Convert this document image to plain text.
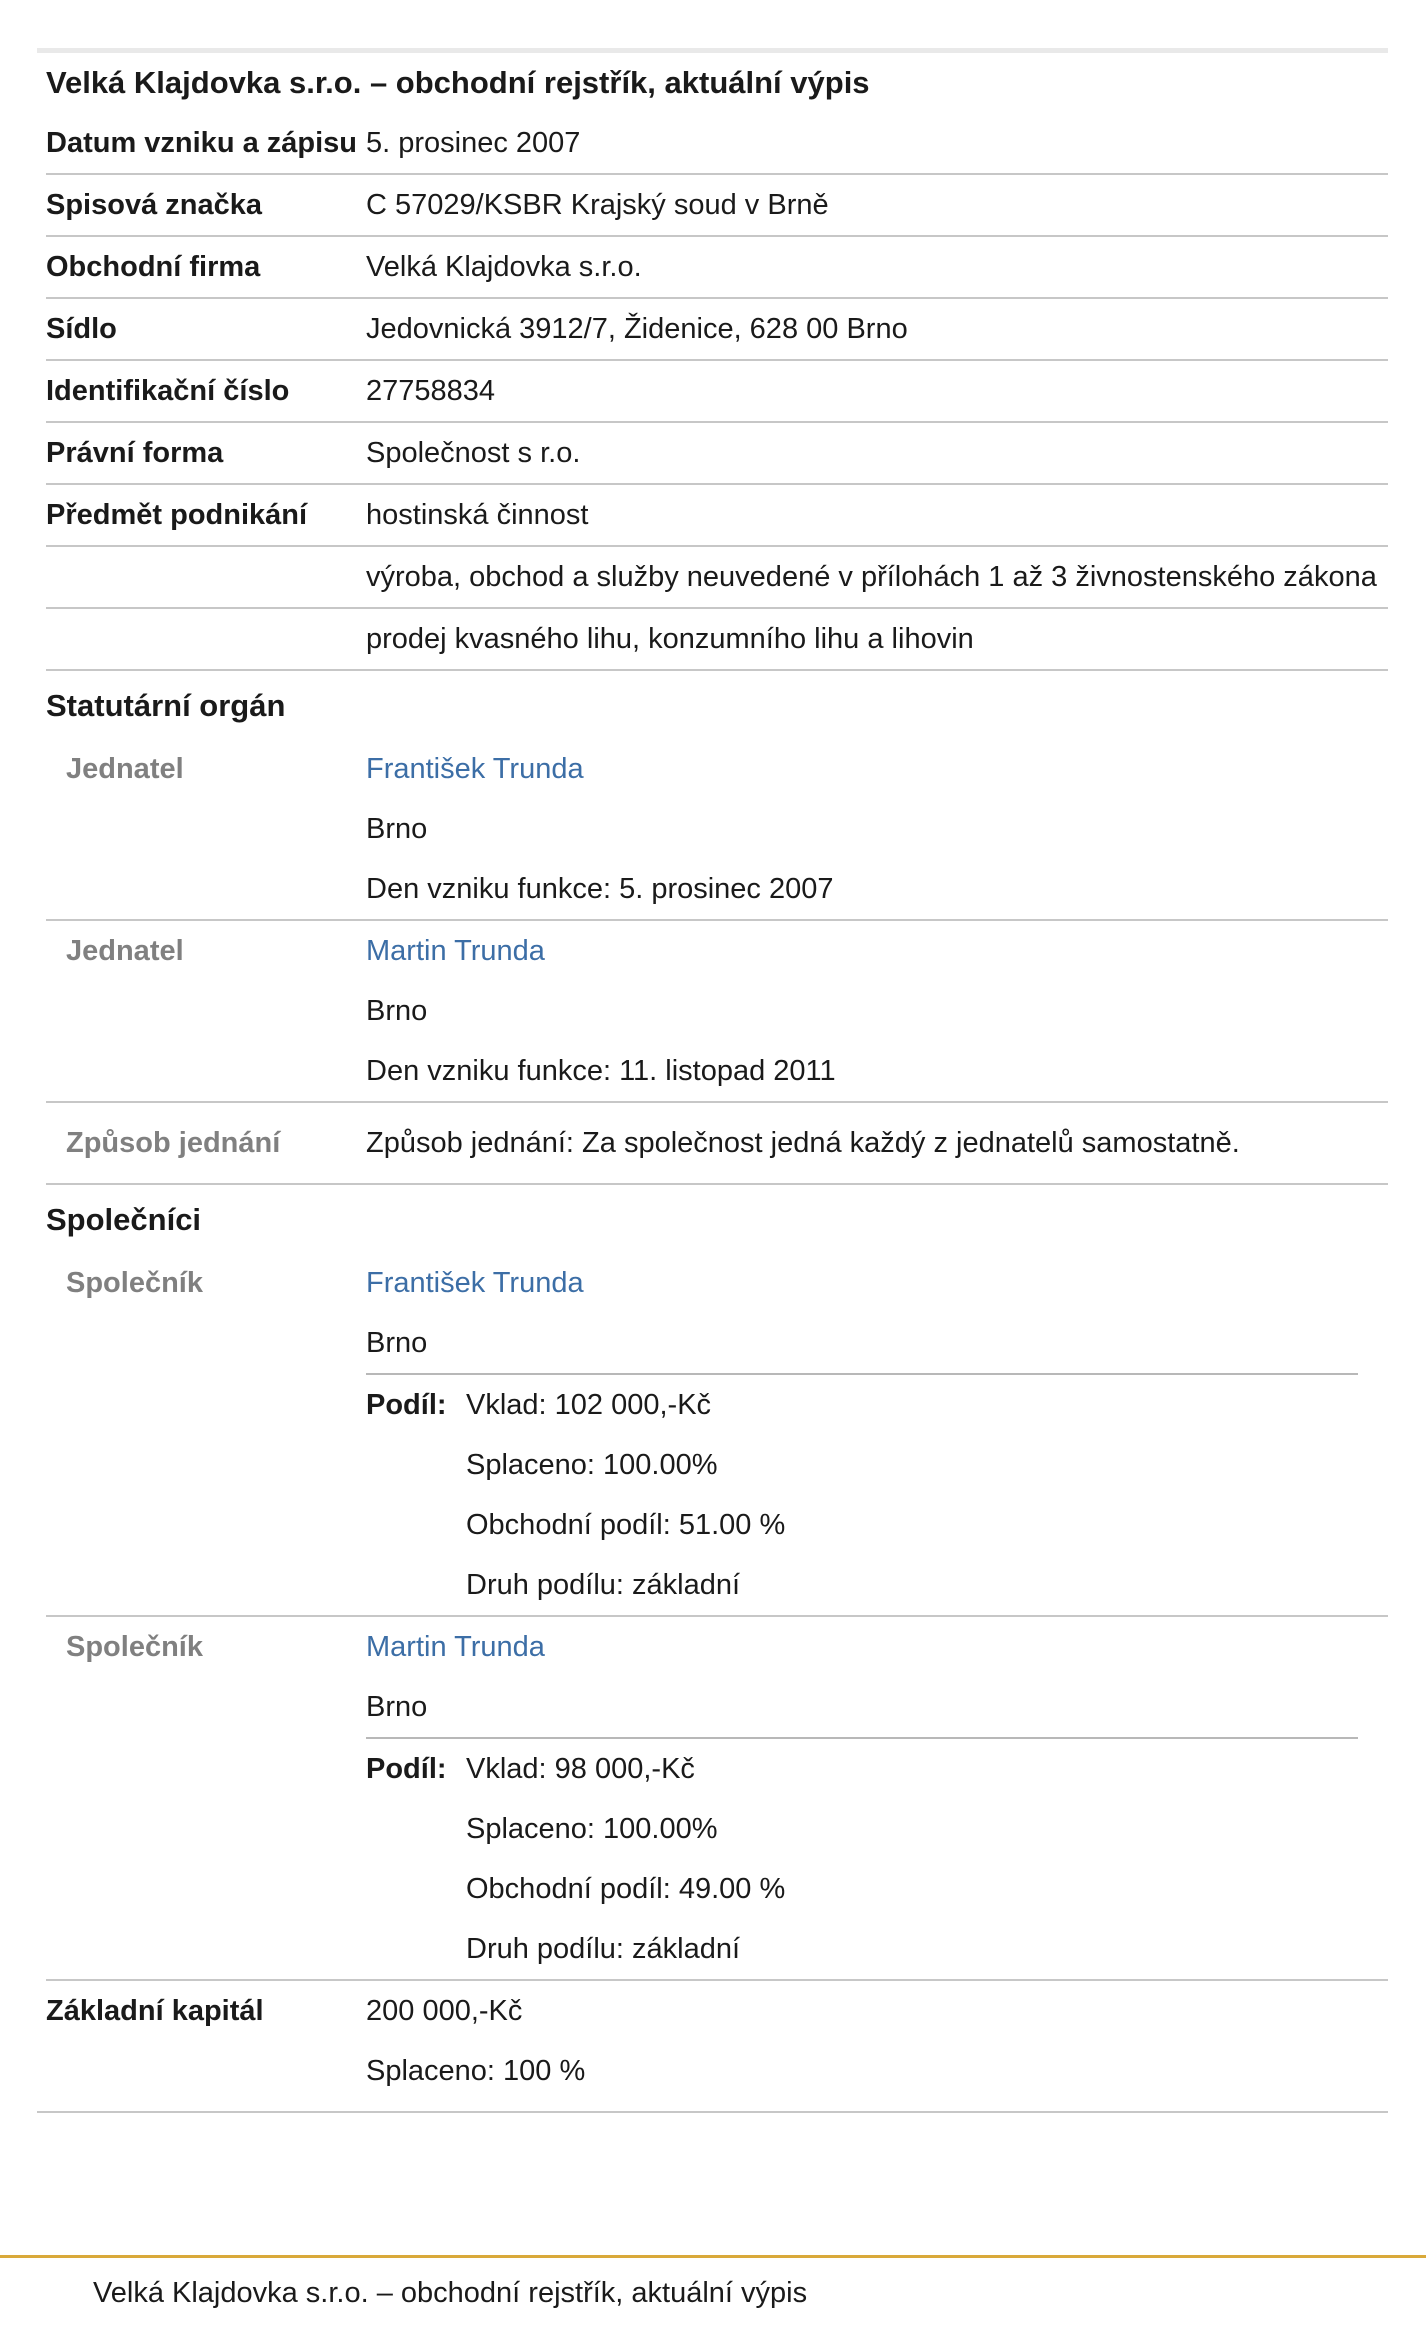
Velká Klajdovka s.r.o. – obchodní rejstřík, aktuální výpis
Datum vzniku a zápisu 5. prosinec 2007
Spisová značka	C 57029/KSBR Krajský soud v Brně
Obchodní firma	Velká Klajdovka s.r.o.
Sídlo	Jedovnická 3912/7, Židenice, 628 00 Brno
Identifikační číslo	27758834
Právní forma	Společnost s r.o.
Předmět podnikání	hostinská činnost
výroba, obchod a služby neuvedené v přílohách 1 až 3 živnostenského zákona
prodej kvasného lihu, konzumního lihu a lihovin
Statutární orgán
Jednatel	František Trunda
Brno
Den vzniku funkce: 5. prosinec 2007
Jednatel	Martin Trunda
Brno
Den vzniku funkce: 11. listopad 2011
Způsob jednání	Způsob jednání: Za společnost jedná každý z jednatelů samostatně.
Společníci
Společník	František Trunda
Brno
Podíl: Vklad: 102 000,-Kč
Splaceno: 100.00%
Obchodní podíl: 51.00 %
Druh podílu: základní
Společník	Martin Trunda
Brno
Podíl: Vklad: 98 000,-Kč
Splaceno: 100.00%
Obchodní podíl: 49.00 %
Druh podílu: základní
Základní kapitál	200 000,-Kč
Splaceno: 100 %
Velká Klajdovka s.r.o. – obchodní rejstřík, aktuální výpis
